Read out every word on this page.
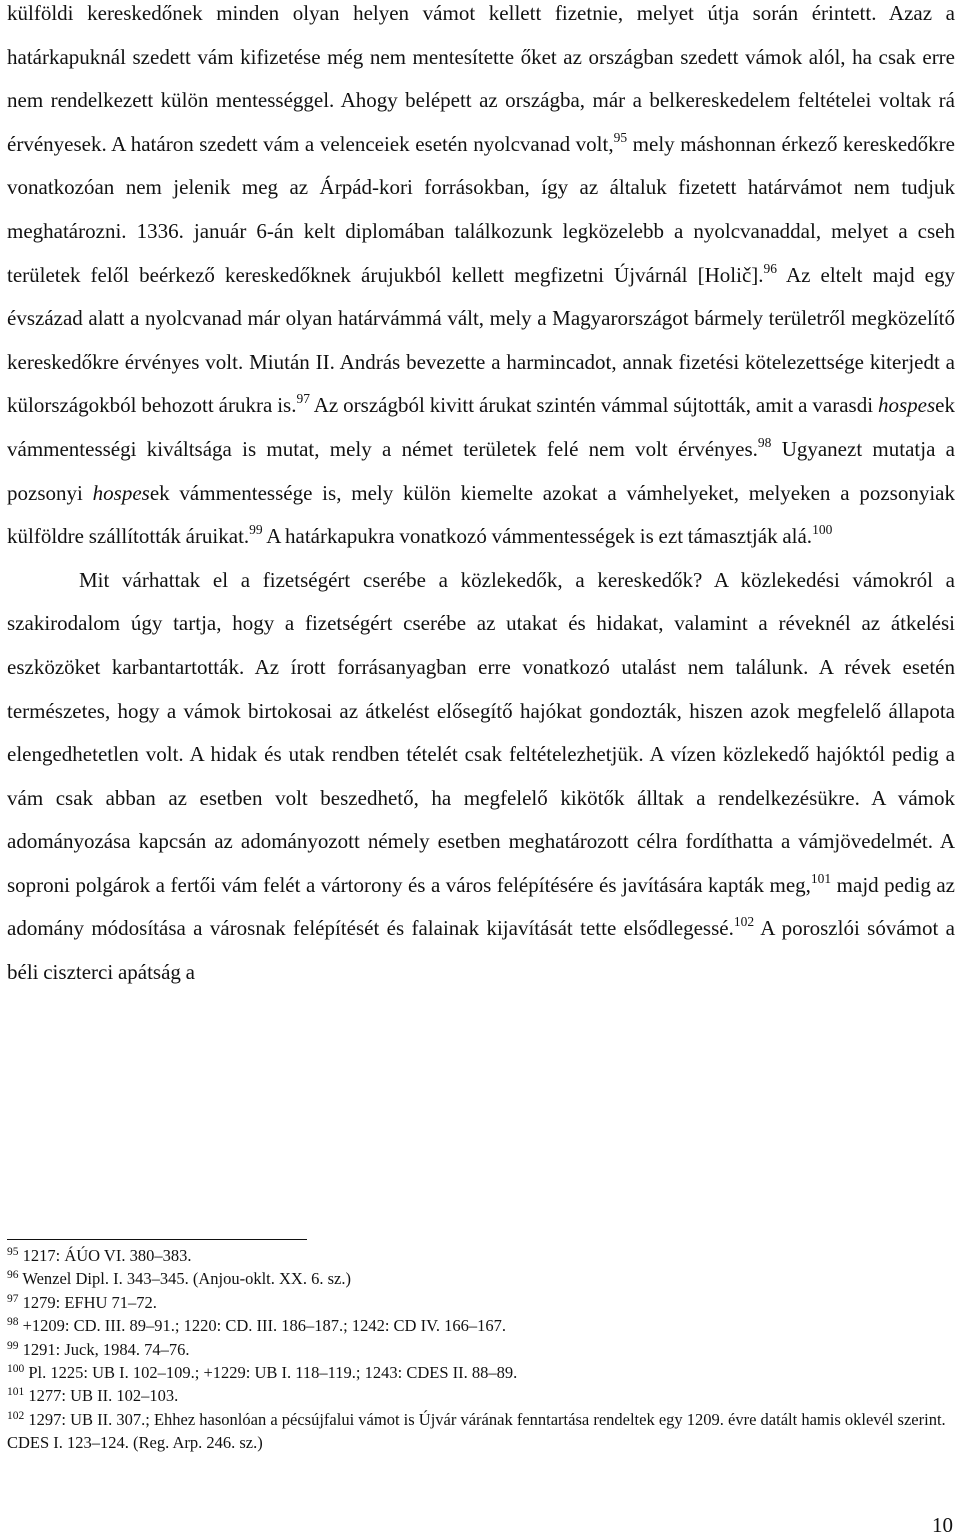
külföldi kereskedőnek minden olyan helyen vámot kellett fizetnie, melyet útja során érintett. Azaz a határkapuknál szedett vám kifizetése még nem mentesítette őket az országban szedett vámok alól, ha csak erre nem rendelkezett külön mentességgel. Ahogy belépett az országba, már a belkereskedelem feltételei voltak rá érvényesek. A határon szedett vám a velenceiek esetén nyolcvanad volt,$^{95}$ mely máshonnan érkező kereskedőkre vonatkozóan nem jelenik meg az Árpád-kori forrásokban, így az általuk fizetett határvámot nem tudjuk meghatározni. 1336. január 6-án kelt diplomában találkozunk legközelebb a nyolcvanaddal, melyet a cseh területek felől beérkező kereskedőknek árujukból kellett megfizetni Újvárnál [Holič].$^{96}$ Az eltelt majd egy évszázad alatt a nyolcvanad már olyan határvámmá vált, mely a Magyarországot bármely területről megközelítő kereskedőkre érvényes volt. Miután II. András bevezette a harmincadot, annak fizetési kötelezettsége kiterjedt a külországokból behozott árukra is.$^{97}$ Az országból kivitt árukat szintén vámmal sújtották, amit a varasdi hospesek vámmentességi kiváltsága is mutat, mely a német területek felé nem volt érvényes.$^{98}$ Ugyanezt mutatja a pozsonyi hospesek vámmentessége is, mely külön kiemelte azokat a vámhelyeket, melyeken a pozsonyiak külföldre szállították áruikat.$^{99}$ A határkapukra vonatkozó vámmentességek is ezt támasztják alá.$^{100}$

Mit várhattak el a fizetségért cserébe a közlekedők, a kereskedők? A közlekedési vámokról a szakirodalom úgy tartja, hogy a fizetségért cserébe az utakat és hidakat, valamint a réveknél az átkelési eszközöket karbantartották. Az írott forrásanyagban erre vonatkozó utalást nem találunk. A révek esetén természetes, hogy a vámok birtokosai az átkelést elősegítő hajókat gondozták, hiszen azok megfelelő állapota elengedhetetlen volt. A hidak és utak rendben tételét csak feltételezhetjük. A vízen közlekedő hajóktól pedig a vám csak abban az esetben volt beszedhető, ha megfelelő kikötők álltak a rendelkezésükre. A vámok adományozása kapcsán az adományozott némely esetben meghatározott célra fordíthatta a vámjövedelmét. A soproni polgárok a fertői vám felét a vártorony és a város felépítésére és javítására kapták meg,$^{101}$ majd pedig az adomány módosítása a városnak felépítését és falainak kijavítását tette elsődlegessé.$^{102}$ A poroszlói sóvámot a béli ciszterci apátság a

$^{95}$ 1217: ÁÚO VI. 380–383.

$^{96}$ Wenzel Dipl. I. 343–345. (Anjou-oklt. XX. 6. sz.)

$^{97}$ 1279: EFHU 71–72.

$^{98}$ +1209: CD. III. 89–91.; 1220: CD. III. 186–187.; 1242: CD IV. 166–167.

$^{99}$ 1291: Juck, 1984. 74–76.

$^{100}$ Pl. 1225: UB I. 102–109.; +1229: UB I. 118–119.; 1243: CDES II. 88–89.

$^{101}$ 1277: UB II. 102–103.

$^{102}$ 1297: UB II. 307.; Ehhez hasonlóan a pécsújfalui vámot is Újvár várának fenntartása rendeltek egy 1209. évre datált hamis oklevél szerint. CDES I. 123–124. (Reg. Arp. 246. sz.)

10
